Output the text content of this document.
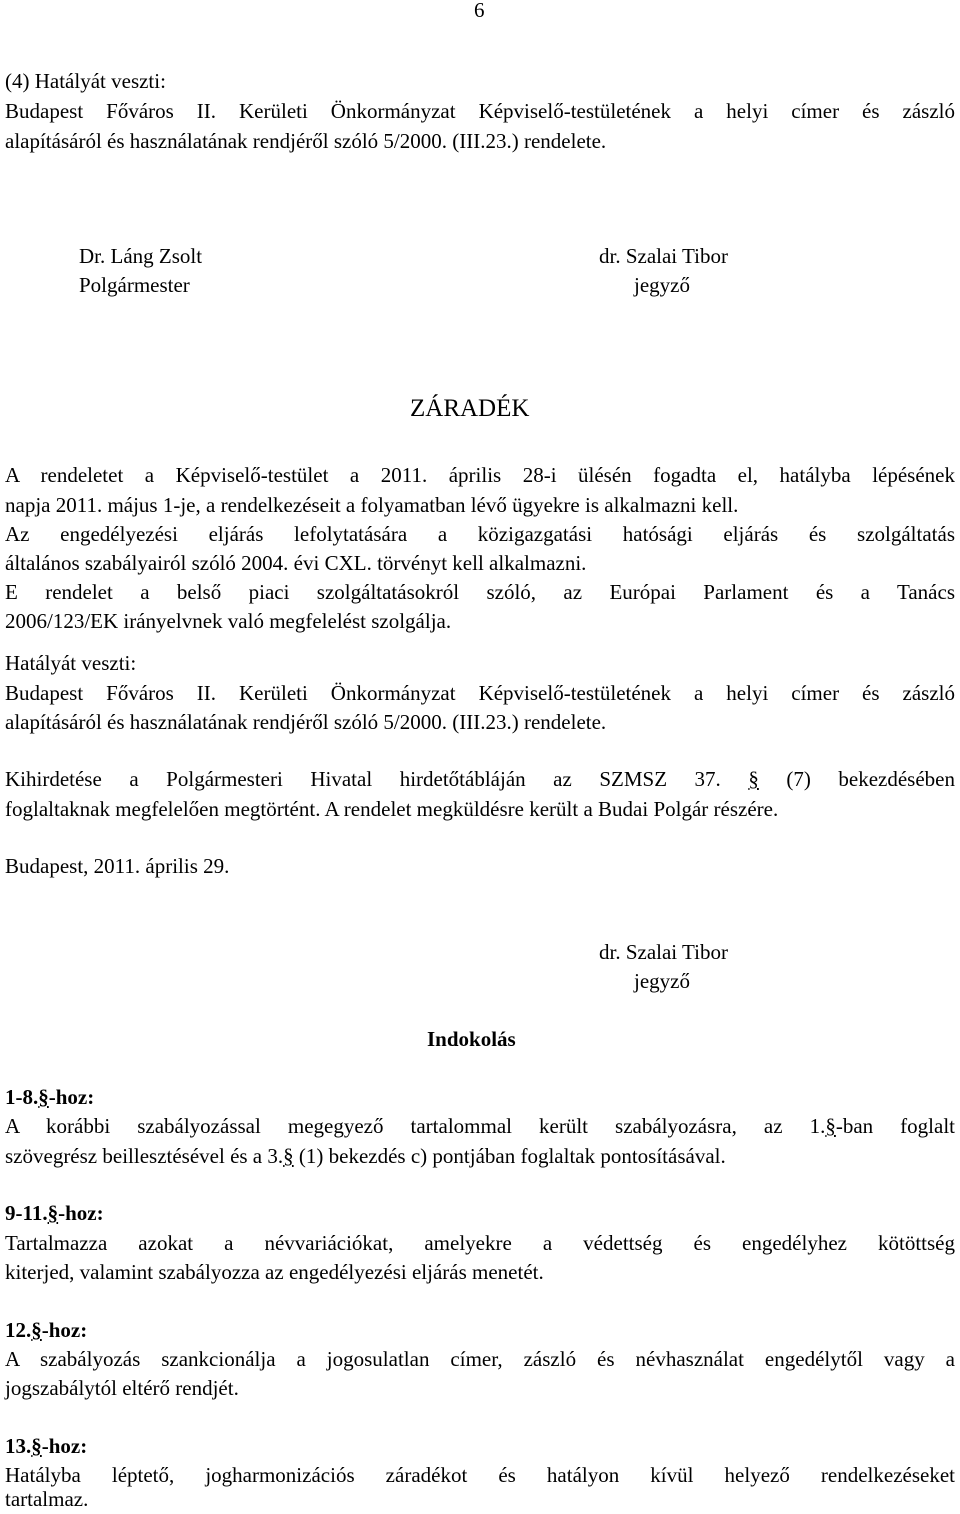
6
(4) Hatályát veszti:
Budapest Főváros II. Kerületi Önkormányzat Képviselő-testületének a helyi címer és zászló
alapításáról és használatának rendjéről szóló 5/2000. (III.23.) rendelete.
Dr. Láng Zsolt
Polgármester
dr. Szalai Tibor
jegyző
ZÁRADÉK
A rendeletet a Képviselő-testület a 2011. április 28-i ülésén fogadta el, hatályba lépésének
napja 2011. május 1-je, a rendelkezéseit a folyamatban lévő ügyekre is alkalmazni kell.
Az engedélyezési eljárás lefolytatására a közigazgatási hatósági eljárás és szolgáltatás
általános szabályairól szóló 2004. évi CXL. törvényt kell alkalmazni.
E rendelet a belső piaci szolgáltatásokról szóló, az Európai Parlament és a Tanács
2006/123/EK irányelvnek való megfelelést szolgálja.
Hatályát veszti:
Budapest Főváros II. Kerületi Önkormányzat Képviselő-testületének a helyi címer és zászló
alapításáról és használatának rendjéről szóló 5/2000. (III.23.) rendelete.
Kihirdetése a Polgármesteri Hivatal hirdetőtábláján az SZMSZ 37. § (7) bekezdésében
foglaltaknak megfelelően megtörtént. A rendelet megküldésre került a Budai Polgár részére.
Budapest, 2011. április 29.
dr. Szalai Tibor
jegyző
Indokolás
1-8.§-hoz:
A korábbi szabályozással megegyező tartalommal került szabályozásra, az 1.§-ban foglalt
szövegrész beillesztésével és a 3.§ (1) bekezdés c) pontjában foglaltak pontosításával.
9-11.§-hoz:
Tartalmazza azokat a névvariációkat, amelyekre a védettség és engedélyhez kötöttség
kiterjed, valamint szabályozza az engedélyezési eljárás menetét.
12.§-hoz:
A szabályozás szankcionálja a jogosulatlan címer, zászló és névhasználat engedélytől vagy a
jogszabálytól eltérő rendjét.
13.§-hoz:
Hatályba léptető, jogharmonizációs záradékot és hatályon kívül helyező rendelkezéseket
tartalmaz.
